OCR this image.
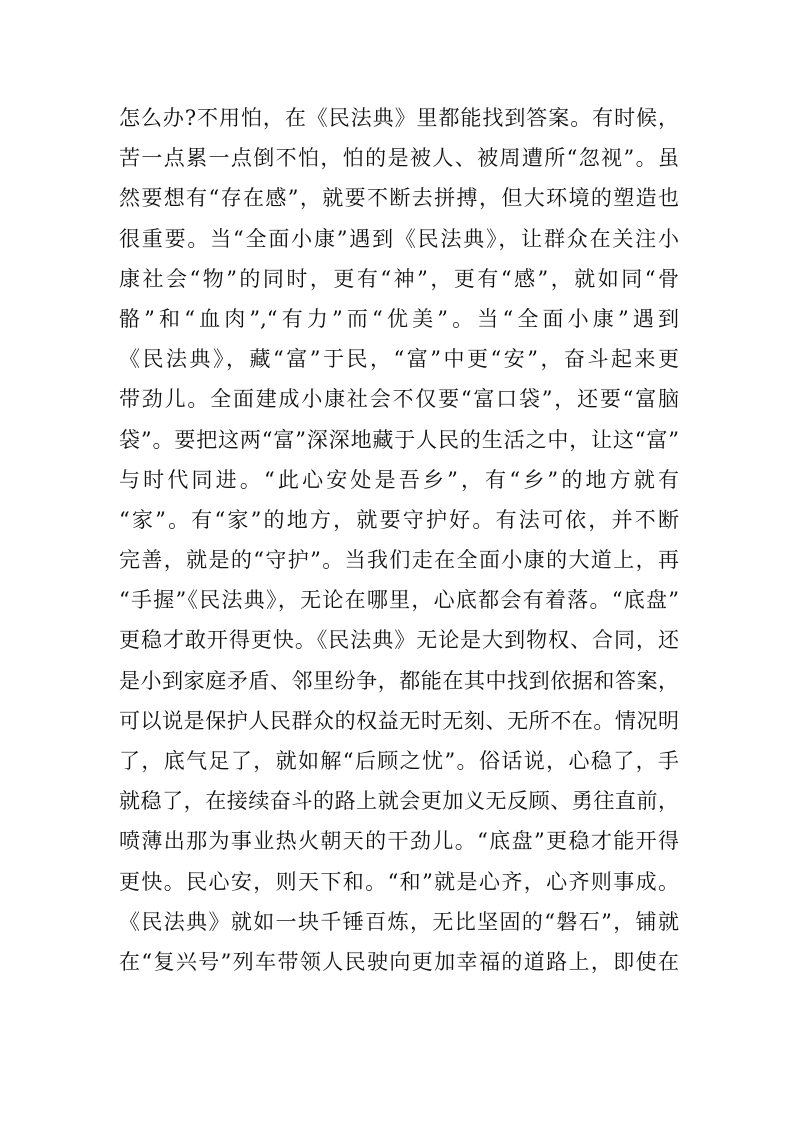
怎么办?不用怕，在《民法典》里都能找到答案。有时候，
苦一点累一点倒不怕，怕的是被人、被周遭所“忽视”。虽
然要想有“存在感”，就要不断去拼搏，但大环境的塑造也
很重要。当“全面小康”遇到《民法典》，让群众在关注小
康社会“物”的同时，更有“神”，更有“感”，就如同“骨
骼”和“血肉”,“有力”而“优美”。当“全面小康”遇到
《民法典》，藏“富”于民，“富”中更“安”，奋斗起来更
带劲儿。全面建成小康社会不仅要“富口袋”，还要“富脑
袋”。要把这两“富”深深地藏于人民的生活之中，让这“富”
与时代同进。“此心安处是吾乡”，有“乡”的地方就有
“家”。有“家”的地方，就要守护好。有法可依，并不断
完善，就是的“守护”。当我们走在全面小康的大道上，再
“手握”《民法典》，无论在哪里，心底都会有着落。“底盘”
更稳才敢开得更快。《民法典》无论是大到物权、合同，还
是小到家庭矛盾、邻里纷争，都能在其中找到依据和答案，
可以说是保护人民群众的权益无时无刻、无所不在。情况明
了，底气足了，就如解“后顾之忧”。俗话说，心稳了，手
就稳了，在接续奋斗的路上就会更加义无反顾、勇往直前，
喷薄出那为事业热火朝天的干劲儿。“底盘”更稳才能开得
更快。民心安，则天下和。“和”就是心齐，心齐则事成。
《民法典》就如一块千锤百炼，无比坚固的“磐石”，铺就
在“复兴号”列车带领人民驶向更加幸福的道路上，即使在
